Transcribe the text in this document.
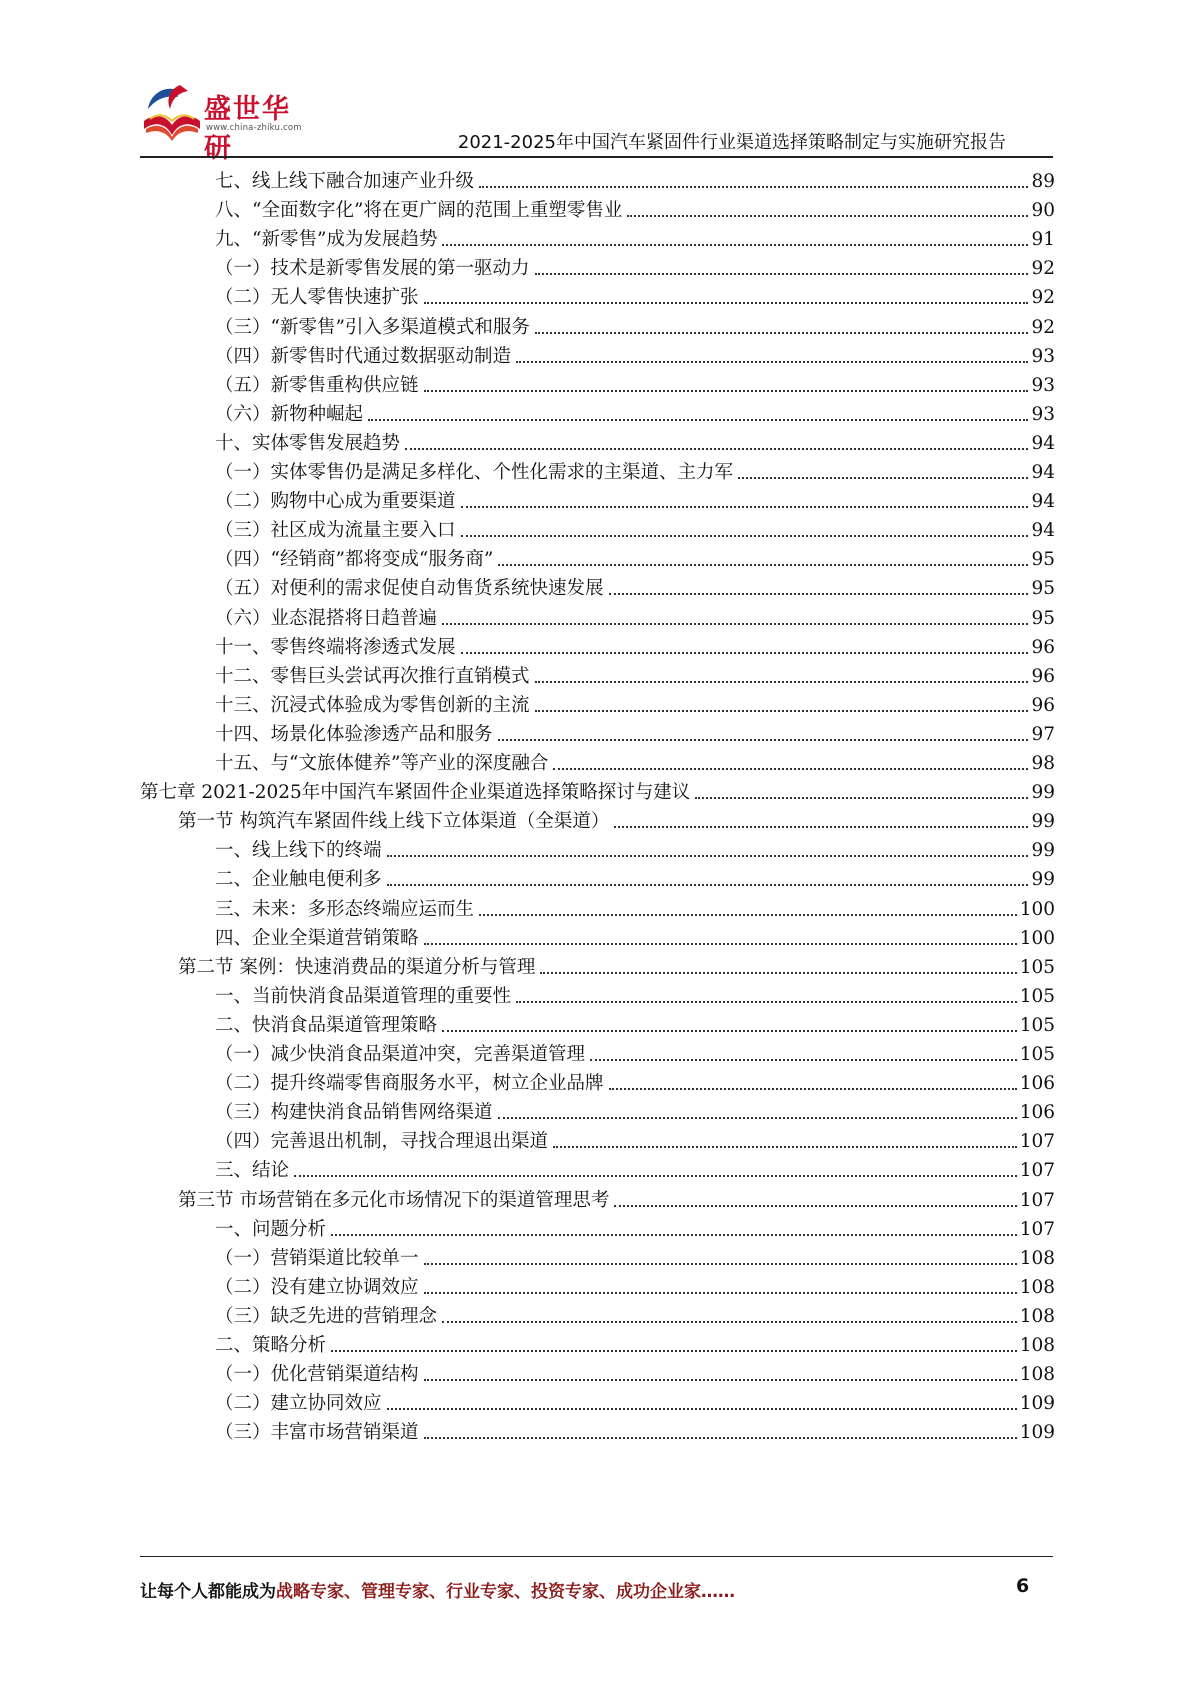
盛世华研
www.china-zhiku.com
2021-2025年中国汽车紧固件行业渠道选择策略制定与实施研究报告
七、线上线下融合加速产业升级	89
八、“全面数字化”将在更广阔的范围上重塑零售业	90
九、“新零售”成为发展趋势	91
（一）技术是新零售发展的第一驱动力	92
（二）无人零售快速扩张	92
（三）“新零售”引入多渠道模式和服务	92
（四）新零售时代通过数据驱动制造	93
（五）新零售重构供应链	93
（六）新物种崛起	93
十、实体零售发展趋势	94
（一）实体零售仍是满足多样化、个性化需求的主渠道、主力军	94
（二）购物中心成为重要渠道	94
（三）社区成为流量主要入口	94
（四）“经销商”都将变成“服务商”	95
（五）对便利的需求促使自动售货系统快速发展	95
（六）业态混搭将日趋普遍	95
十一、零售终端将渗透式发展	96
十二、零售巨头尝试再次推行直销模式	96
十三、沉浸式体验成为零售创新的主流	96
十四、场景化体验渗透产品和服务	97
十五、与“文旅体健养”等产业的深度融合	98
第七章 2021-2025年中国汽车紧固件企业渠道选择策略探讨与建议	99
第一节 构筑汽车紧固件线上线下立体渠道（全渠道）	99
一、线上线下的终端	99
二、企业触电便利多	99
三、未来：多形态终端应运而生	100
四、企业全渠道营销策略	100
第二节 案例：快速消费品的渠道分析与管理	105
一、当前快消食品渠道管理的重要性	105
二、快消食品渠道管理策略	105
（一）减少快消食品渠道冲突，完善渠道管理	105
（二）提升终端零售商服务水平，树立企业品牌	106
（三）构建快消食品销售网络渠道	106
（四）完善退出机制，寻找合理退出渠道	107
三、结论	107
第三节 市场营销在多元化市场情况下的渠道管理思考	107
一、问题分析	107
（一）营销渠道比较单一	108
（二）没有建立协调效应	108
（三）缺乏先进的营销理念	108
二、策略分析	108
（一）优化营销渠道结构	108
（二）建立协同效应	109
（三）丰富市场营销渠道	109
让每个人都能成为战略专家、管理专家、行业专家、投资专家、成功企业家……	6
